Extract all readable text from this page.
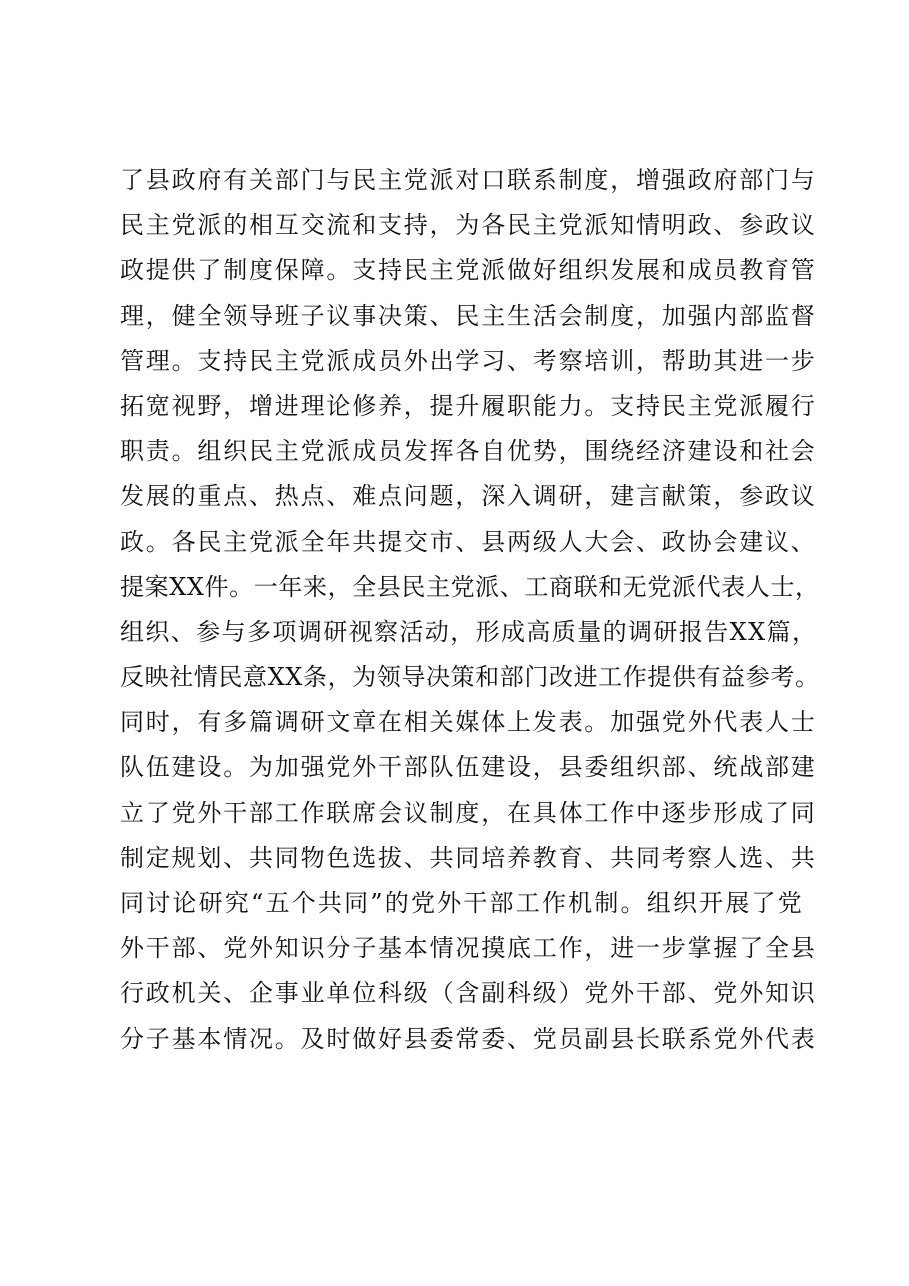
了县政府有关部门与民主党派对口联系制度，增强政府部门与
民主党派的相互交流和支持，为各民主党派知情明政、参政议
政提供了制度保障。支持民主党派做好组织发展和成员教育管
理，健全领导班子议事决策、民主生活会制度，加强内部监督
管理。支持民主党派成员外出学习、考察培训，帮助其进一步
拓宽视野，增进理论修养，提升履职能力。支持民主党派履行
职责。组织民主党派成员发挥各自优势，围绕经济建设和社会
发展的重点、热点、难点问题，深入调研，建言献策，参政议
政。各民主党派全年共提交市、县两级人大会、政协会建议、
提案XX件。一年来，全县民主党派、工商联和无党派代表人士，
组织、参与多项调研视察活动，形成高质量的调研报告XX篇，
反映社情民意XX条，为领导决策和部门改进工作提供有益参考。
同时，有多篇调研文章在相关媒体上发表。加强党外代表人士
队伍建设。为加强党外干部队伍建设，县委组织部、统战部建
立了党外干部工作联席会议制度，在具体工作中逐步形成了同
制定规划、共同物色选拔、共同培养教育、共同考察人选、共
同讨论研究“五个共同”的党外干部工作机制。组织开展了党
外干部、党外知识分子基本情况摸底工作，进一步掌握了全县
行政机关、企事业单位科级（含副科级）党外干部、党外知识
分子基本情况。及时做好县委常委、党员副县长联系党外代表
